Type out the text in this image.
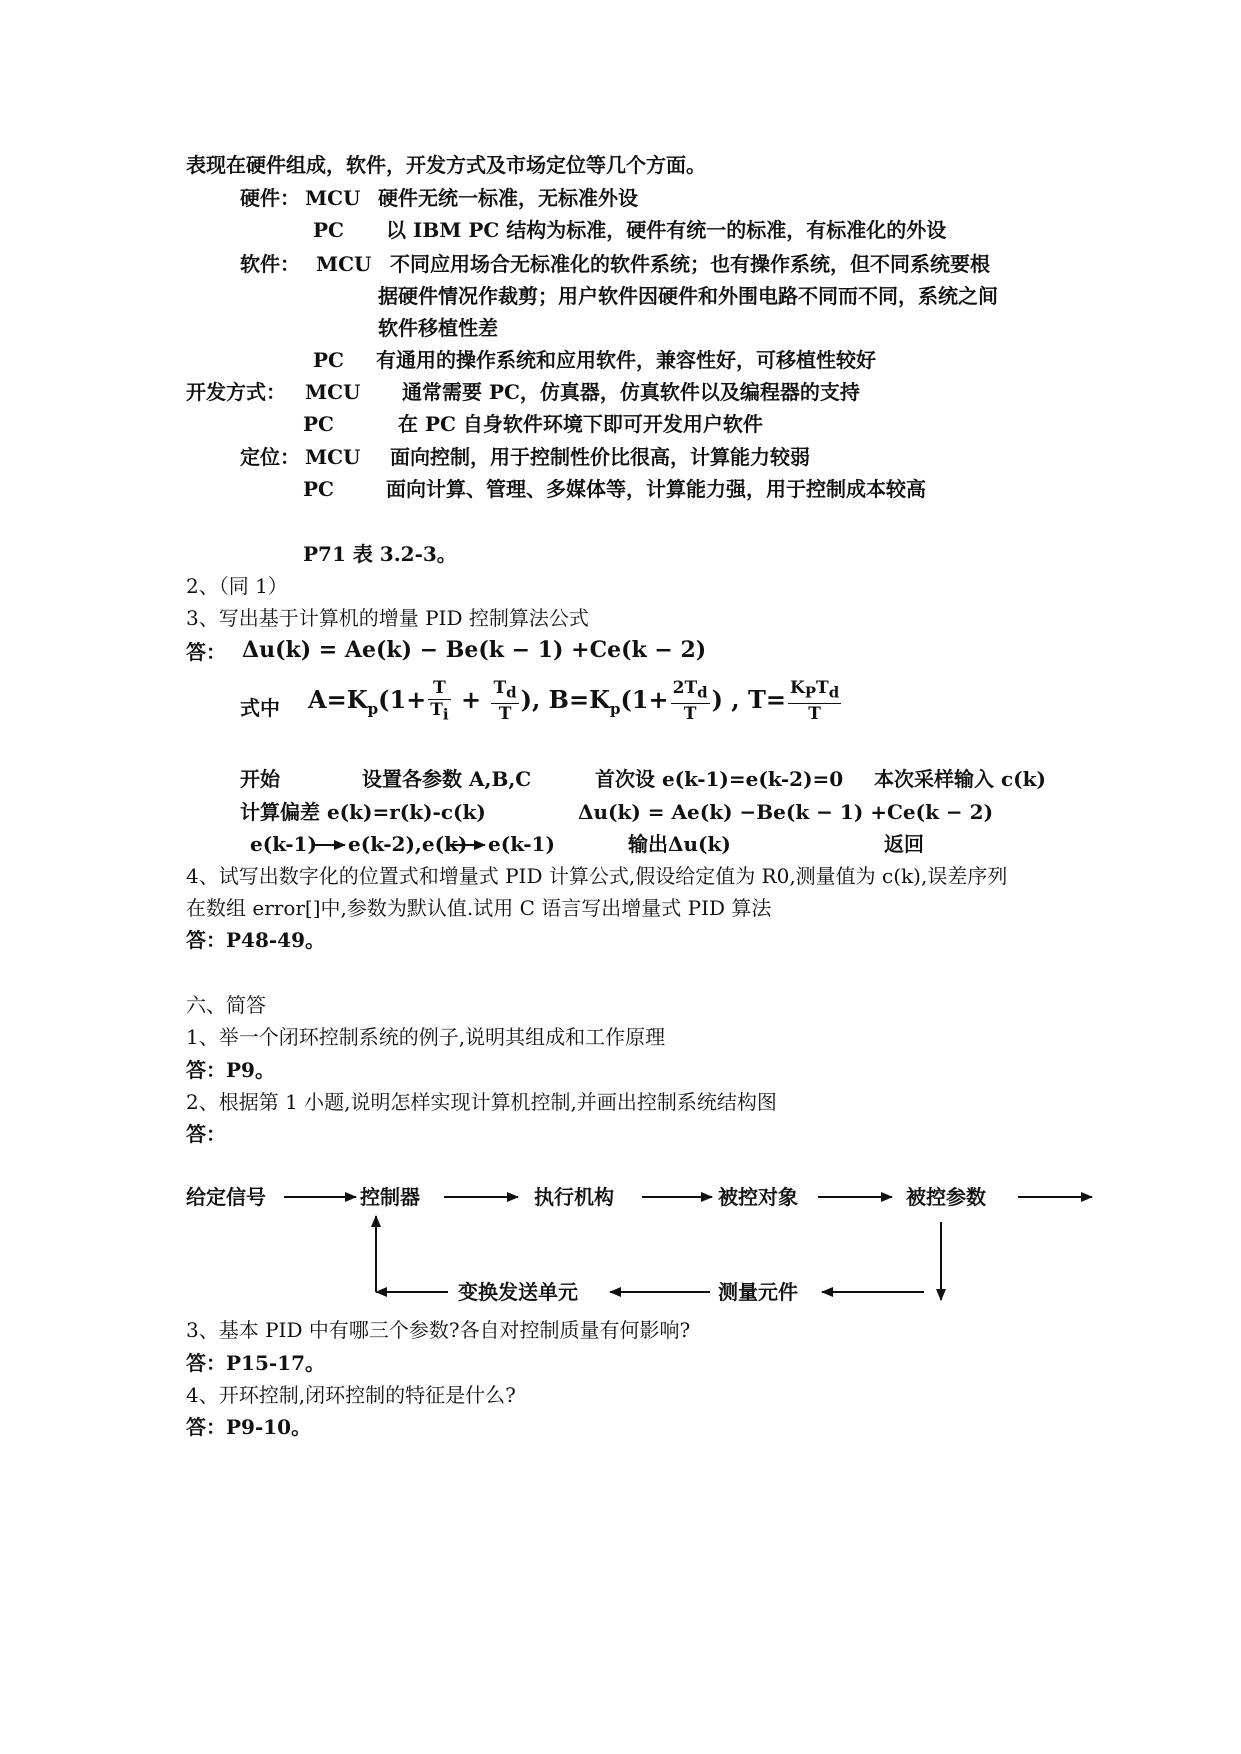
表现在硬件组成，软件，开发方式及市场定位等几个方面。
硬件： MCU 硬件无统一标准，无标准外设
PC 以 IBM PC 结构为标准，硬件有统一的标准，有标准化的外设
软件： MCU 不同应用场合无标准化的软件系统；也有操作系统，但不同系统要根
据硬件情况作裁剪；用户软件因硬件和外围电路不同而不同，系统之间
软件移植性差
PC 有通用的操作系统和应用软件，兼容性好，可移植性较好
开发方式： MCU 通常需要 PC，仿真器，仿真软件以及编程器的支持
PC	在 PC 自身软件环境下即可开发用户软件
定位： MCU 面向控制，用于控制性价比很高，计算能力较弱
PC	面向计算、管理、多媒体等，计算能力强，用于控制成本较高
P71 表 3.2-3。
2、（同 1）
3、写出基于计算机的增量 PID 控制算法公式
答： Δu(k) = Ae(k) − Be(k − 1) +Ce(k − 2)
式中 $A=K_p(1+ \frac{T}{T_i} + \frac{T_d}{T}$ ), $B=K_p(1+ \frac{2T_d}{T}$ ) , $T= \frac{K_PT_d}{T}$
开始	设置各参数 A,B,C	首次设 e(k-1)=e(k-2)=0 本次采样输入 c(k)
计算偏差 e(k)=r(k)-c(k)	Δu(k) = Ae(k) −Be(k − 1) +Ce(k − 2)
e(k-1) e(k-2),e(k) e(k-1)	输出Δu(k)	返回
4、试写出数字化的位置式和增量式 PID 计算公式,假设给定值为 R0,测量值为 c(k),误差序列
在数组 error[]中,参数为默认值.试用 C 语言写出增量式 PID 算法
答：P48-49。
六、简答
1、举一个闭环控制系统的例子,说明其组成和工作原理
答：P9。
2、根据第 1 小题,说明怎样实现计算机控制,并画出控制系统结构图
答：
给定信号	控制器	执行机构	被控对象	被控参数
变换发送单元	测量元件
3、基本 PID 中有哪三个参数?各自对控制质量有何影响?
答：P15-17。
4、开环控制,闭环控制的特征是什么?
答：P9-10。
